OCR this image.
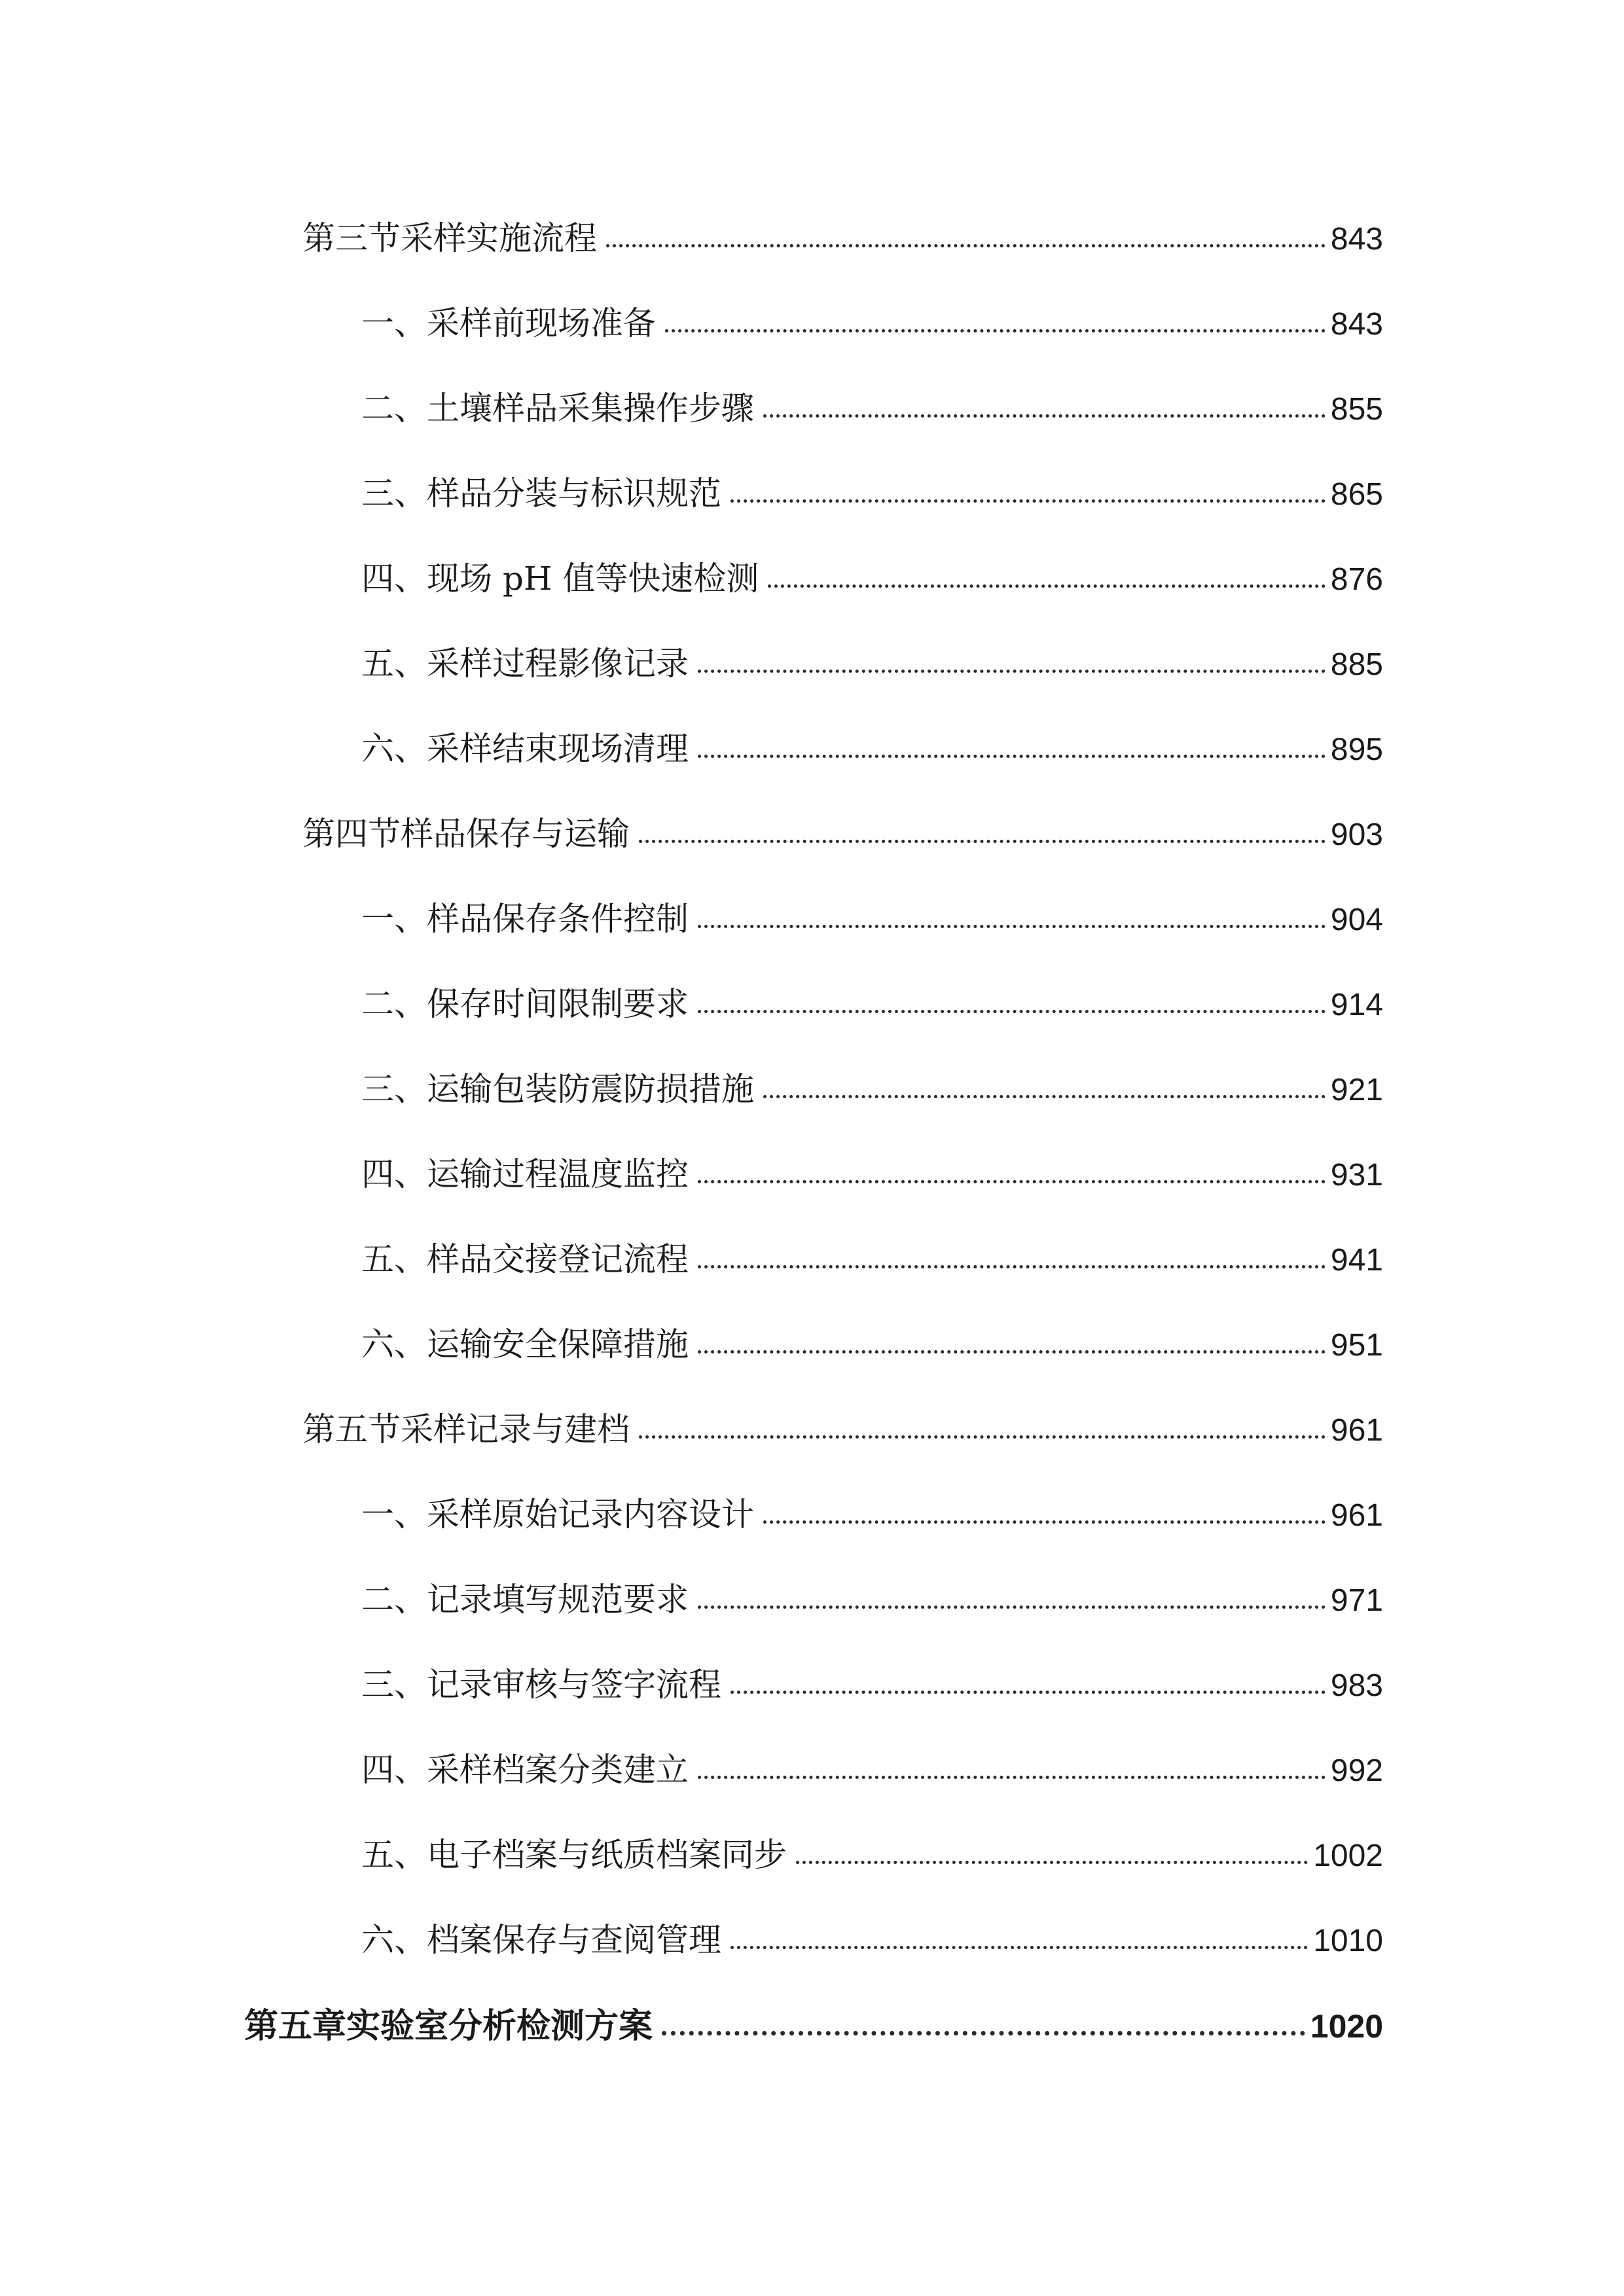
第三节采样实施流程	843
一、采样前现场准备	843
二、土壤样品采集操作步骤	855
三、样品分装与标识规范	865
四、现场 pH 值等快速检测	876
五、采样过程影像记录	885
六、采样结束现场清理	895
第四节样品保存与运输	903
一、样品保存条件控制	904
二、保存时间限制要求	914
三、运输包装防震防损措施	921
四、运输过程温度监控	931
五、样品交接登记流程	941
六、运输安全保障措施	951
第五节采样记录与建档	961
一、采样原始记录内容设计	961
二、记录填写规范要求	971
三、记录审核与签字流程	983
四、采样档案分类建立	992
五、电子档案与纸质档案同步	1002
六、档案保存与查阅管理	1010
第五章实验室分析检测方案	1020
